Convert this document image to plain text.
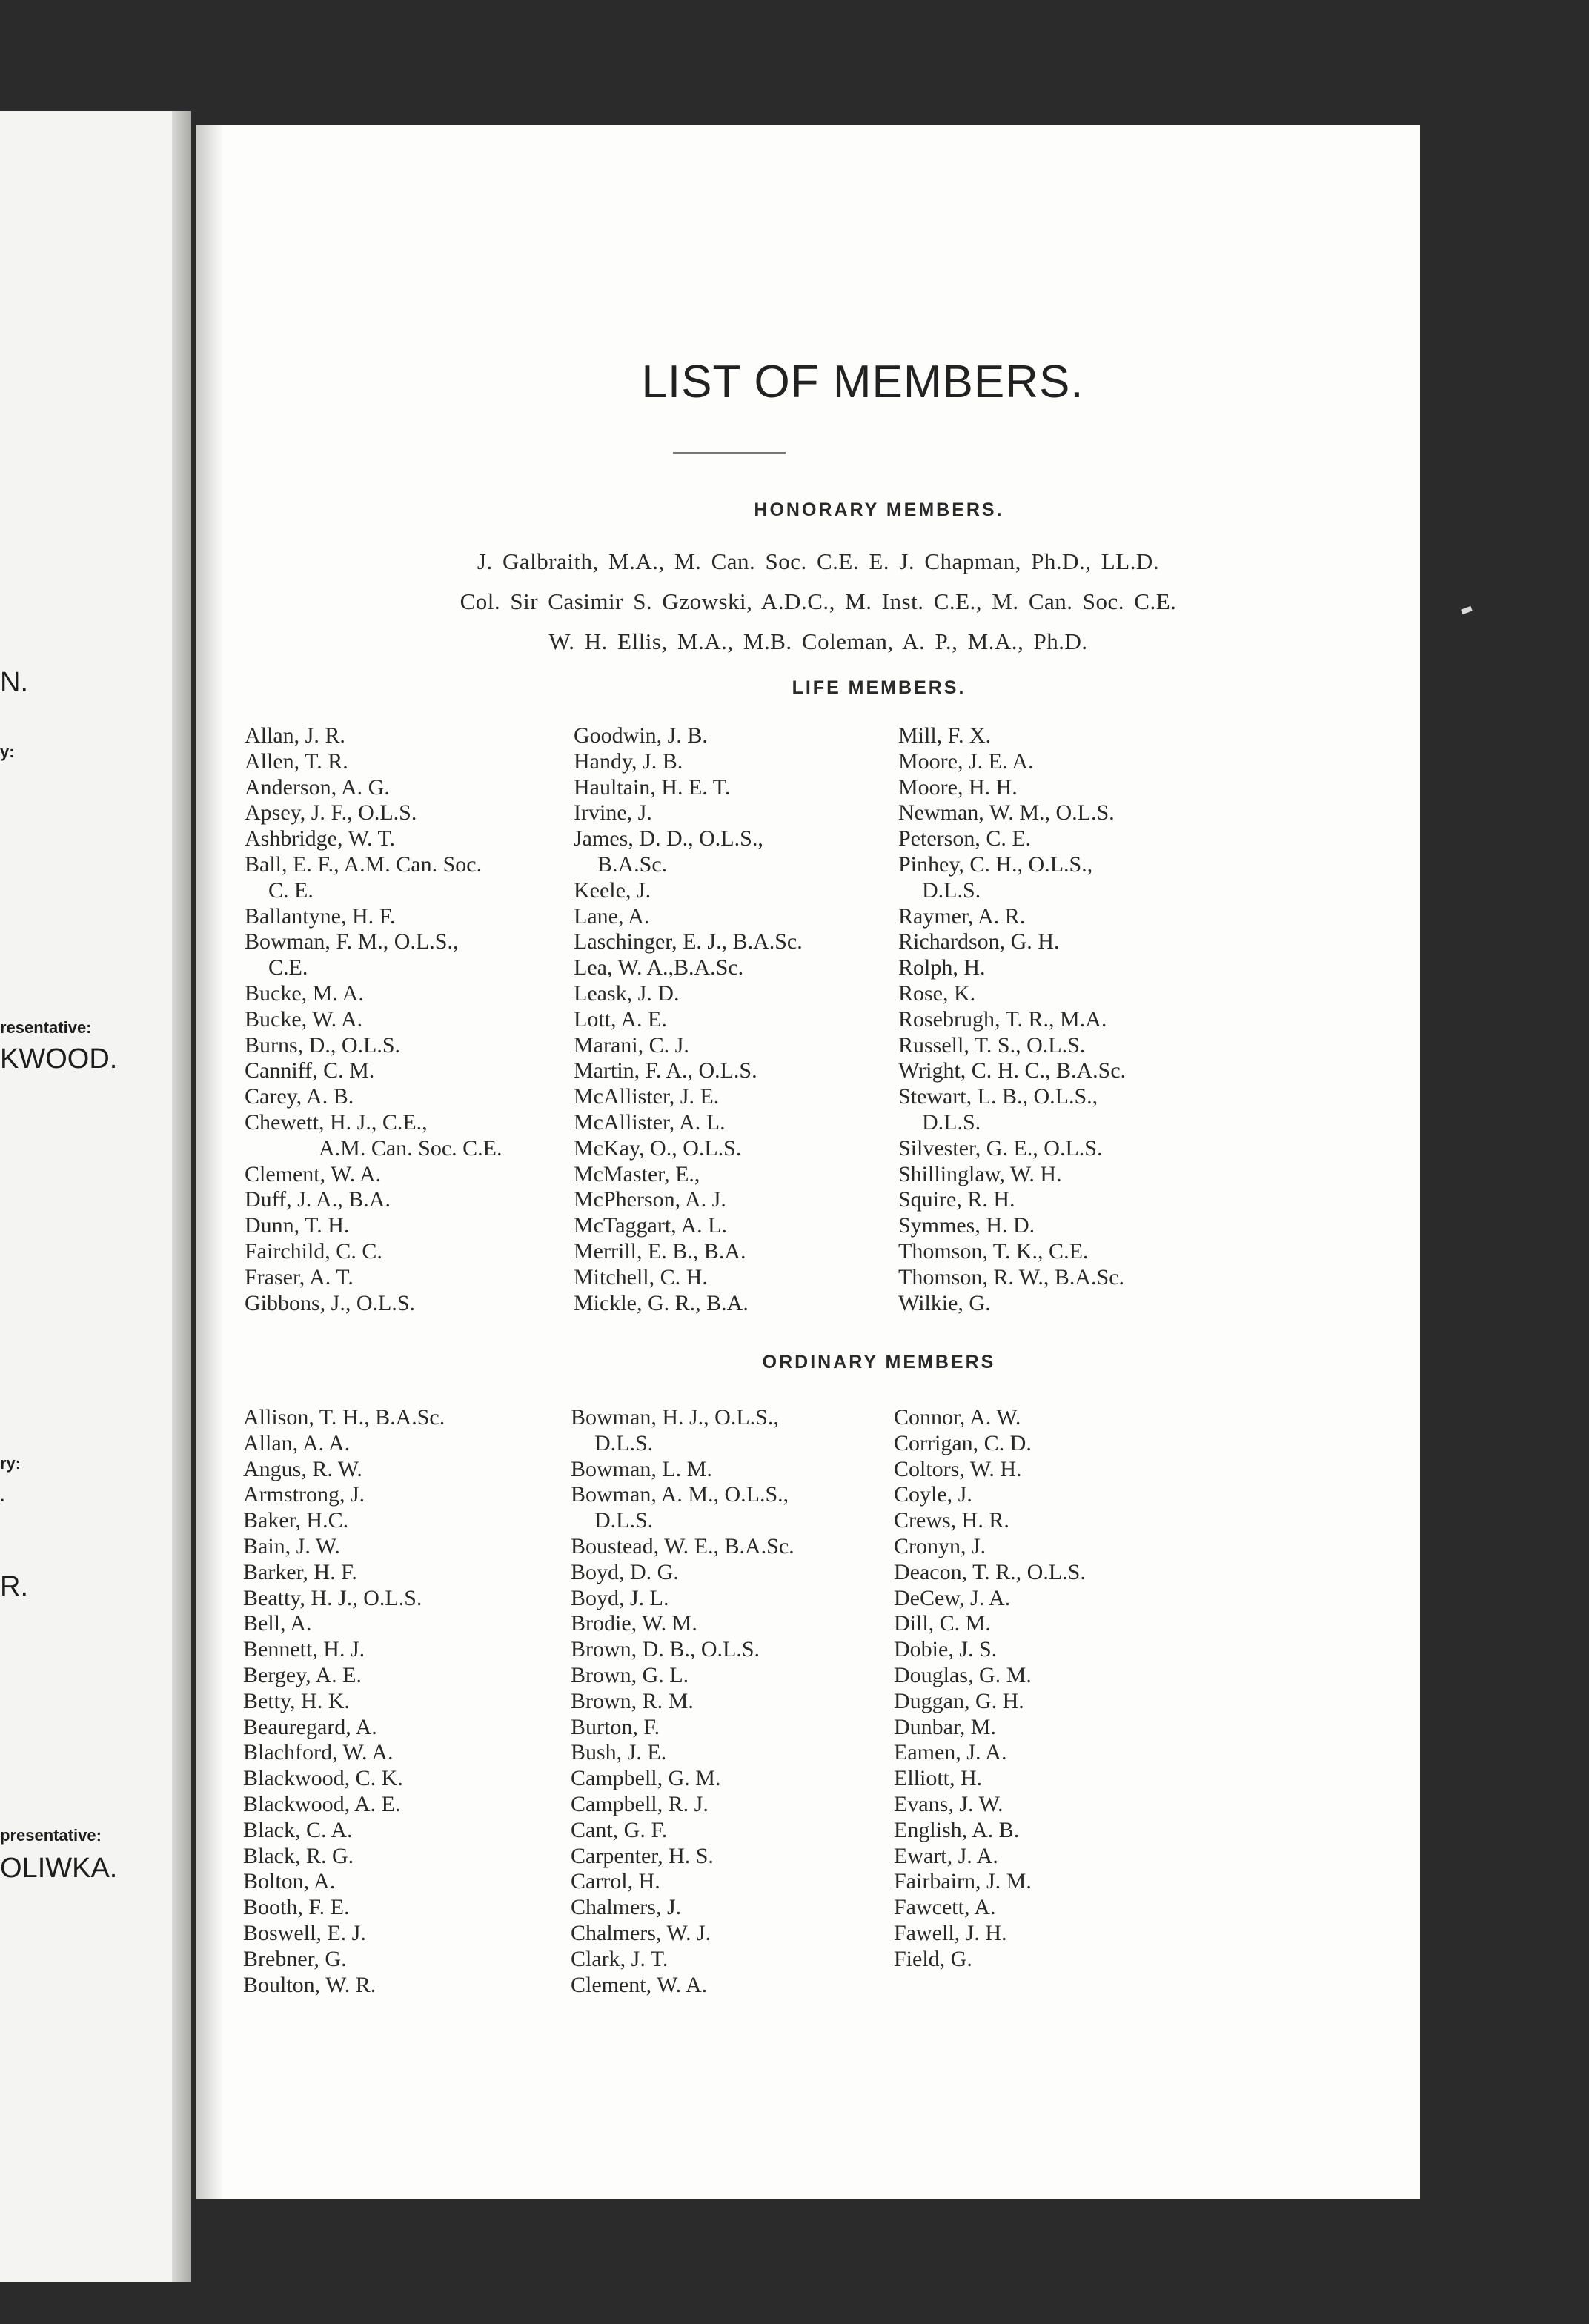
N.

y:

resentative:

KWOOD.

ry:

.

R.

presentative:

OLIWKA.

LIST OF MEMBERS.
HONORARY MEMBERS.

J. Galbraith, M.A., M. Can. Soc. C.E. E. J. Chapman, Ph.D., LL.D.

Col. Sir Casimir S. Gzowski, A.D.C., M. Inst. C.E., M. Can. Soc. C.E.

W. H. Ellis, M.A., M.B. Coleman, A. P., M.A., Ph.D.

LIFE MEMBERS.
Allan, J. R.
Allen, T. R.
Anderson, A. G.
Apsey, J. F., O.L.S.
Ashbridge, W. T.
Ball, E. F., A.M. Can. Soc.
C. E.
Ballantyne, H. F.
Bowman, F. M., O.L.S.,
C.E.
Bucke, M. A.
Bucke, W. A.
Burns, D., O.L.S.
Canniff, C. M.
Carey, A. B.
Chewett, H. J., C.E.,
A.M. Can. Soc. C.E.
Clement, W. A.
Duff, J. A., B.A.
Dunn, T. H.
Fairchild, C. C.
Fraser, A. T.
Gibbons, J., O.L.S.
Goodwin, J. B.
Handy, J. B.
Haultain, H. E. T.
Irvine, J.
James, D. D., O.L.S.,
B.A.Sc.
Keele, J.
Lane, A.
Laschinger, E. J., B.A.Sc.
Lea, W. A.,B.A.Sc.
Leask, J. D.
Lott, A. E.
Marani, C. J.
Martin, F. A., O.L.S.
McAllister, J. E.
McAllister, A. L.
McKay, O., O.L.S.
McMaster, E.,
McPherson, A. J.
McTaggart, A. L.
Merrill, E. B., B.A.
Mitchell, C. H.
Mickle, G. R., B.A.
Mill, F. X.
Moore, J. E. A.
Moore, H. H.
Newman, W. M., O.L.S.
Peterson, C. E.
Pinhey, C. H., O.L.S.,
D.L.S.
Raymer, A. R.
Richardson, G. H.
Rolph, H.
Rose, K.
Rosebrugh, T. R., M.A.
Russell, T. S., O.L.S.
Wright, C. H. C., B.A.Sc.
Stewart, L. B., O.L.S.,
D.L.S.
Silvester, G. E., O.L.S.
Shillinglaw, W. H.
Squire, R. H.
Symmes, H. D.
Thomson, T. K., C.E.
Thomson, R. W., B.A.Sc.
Wilkie, G.
ORDINARY MEMBERS
Allison, T. H., B.A.Sc.
Allan, A. A.
Angus, R. W.
Armstrong, J.
Baker, H.C.
Bain, J. W.
Barker, H. F.
Beatty, H. J., O.L.S.
Bell, A.
Bennett, H. J.
Bergey, A. E.
Betty, H. K.
Beauregard, A.
Blachford, W. A.
Blackwood, C. K.
Blackwood, A. E.
Black, C. A.
Black, R. G.
Bolton, A.
Booth, F. E.
Boswell, E. J.
Brebner, G.
Boulton, W. R.
Bowman, H. J., O.L.S.,
D.L.S.
Bowman, L. M.
Bowman, A. M., O.L.S.,
D.L.S.
Boustead, W. E., B.A.Sc.
Boyd, D. G.
Boyd, J. L.
Brodie, W. M.
Brown, D. B., O.L.S.
Brown, G. L.
Brown, R. M.
Burton, F.
Bush, J. E.
Campbell, G. M.
Campbell, R. J.
Cant, G. F.
Carpenter, H. S.
Carrol, H.
Chalmers, J.
Chalmers, W. J.
Clark, J. T.
Clement, W. A.
Connor, A. W.
Corrigan, C. D.
Coltors, W. H.
Coyle, J.
Crews, H. R.
Cronyn, J.
Deacon, T. R., O.L.S.
DeCew, J. A.
Dill, C. M.
Dobie, J. S.
Douglas, G. M.
Duggan, G. H.
Dunbar, M.
Eamen, J. A.
Elliott, H.
Evans, J. W.
English, A. B.
Ewart, J. A.
Fairbairn, J. M.
Fawcett, A.
Fawell, J. H.
Field, G.
